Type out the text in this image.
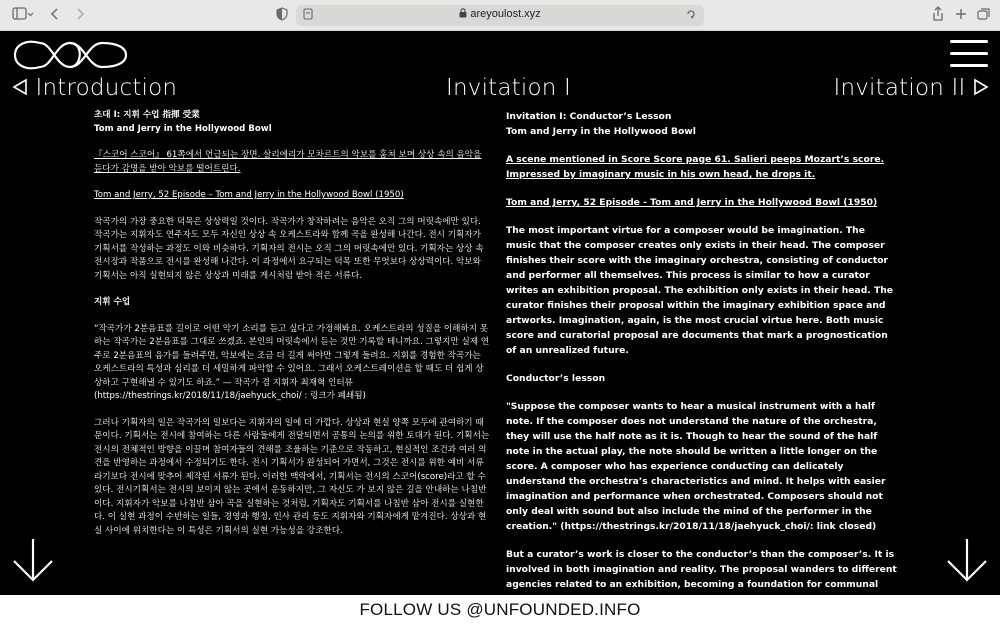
areyoulost.xyz
Introduction	Invitation I	Invitation II
초대 I: 지휘 수업 指揮 受業
Tom and Jerry in the Hollywood Bowl

『스코어 스코어』 61쪽에서 언급되는 장면. 살리에리가 모차르트의 악보를 훔쳐 보며 상상 속의 음악을 듣다가 감명을 받아 악보를 떨어트린다.

Tom and Jerry, 52 Episode – Tom and Jerry in the Hollywood Bowl (1950)

작곡가의 가장 중요한 덕목은 상상력일 것이다. 작곡가가 창작하려는 음악은 오직 그의 머릿속에만 있다. 작곡가는 지휘자도 연주자도 모두 자신인 상상 속 오케스트라와 함께 곡을 완성해 나간다. 전시 기획자가 기획서를 작성하는 과정도 이와 비슷하다. 기획자의 전시는 오직 그의 머릿속에만 있다. 기획자는 상상 속 전시장과 작품으로 전시를 완성해 나간다. 이 과정에서 요구되는 덕목 또한 무엇보다 상상력이다. 악보와 기획서는 아직 실현되지 않은 상상과 미래를 게시처럼 받아 적은 서류다.

지휘 수업

“작곡가가 2분음표를 길이로 어떤 악기 소리를 듣고 싶다고 가정해봐요. 오케스트라의 성질을 이해하지 못하는 작곡가는 2분음표를 그대로 쓰겠죠. 본인의 머릿속에서 듣는 것만 기록할 테니까요. 그렇지만 실제 연주로 2분음표의 음가를 들려주면, 악보에는 조금 더 길게 써야만 그렇게 들려요. 지휘를 경험한 작곡가는 오케스트라의 특성과 심리를 더 세밀하게 파악할 수 있어요. 그래서 오케스트레이션을 할 때도 더 쉽게 상상하고 구현해낼 수 있기도 하죠.” — 작곡가 겸 지휘자 최재혁 인터뷰 (https://thestrings.kr/2018/11/18/jaehyuck_choi/ : 링크가 폐쇄됨)

그러나 기획자의 일은 작곡가의 일보다는 지휘자의 일에 더 가깝다. 상상과 현실 양쪽 모두에 관여하기 때문이다. 기획서는 전시에 참여하는 다른 사람들에게 전달되면서 공통의 논의를 위한 토대가 된다. 기획서는 전시의 전체적인 방향을 이끌며 참여자들의 견해를 조율하는 기준으로 작동하고, 현실적인 조건과 여러 의견을 반영하는 과정에서 수정되기도 한다. 전시 기획서가 완성되어 가면서, 그것은 전시를 위한 예비 서류라기보다 전시에 맞추어 제작된 서류가 된다. 이러한 맥락에서, 기획서는 전시의 스코어(score)라고 할 수 있다. 전시기획서는 전시의 보이지 않는 곳에서 운동하지만, 그 자신도 가 보지 않은 길을 안내하는 나침반이다. 지휘자가 악보를 나침반 삼아 곡을 실현하는 것처럼, 기획자도 기획서를 나침반 삼아 전시를 실현한다. 이 실현 과정이 수반하는 일들, 경영과 행정, 인사 관리 등도 지휘자와 기획자에게 맡겨진다. 상상과 현실 사이에 위치한다는 이 특성은 기획서의 실현 가능성을 강조한다.

Invitation I: Conductor’s Lesson
Tom and Jerry in the Hollywood Bowl

A scene mentioned in Score Score page 61. Salieri peeps Mozart’s score. Impressed by imaginary music in his own head, he drops it.

Tom and Jerry, 52 Episode - Tom and Jerry in the Hollywood Bowl (1950)

The most important virtue for a composer would be imagination. The music that the composer creates only exists in their head. The composer finishes their score with the imaginary orchestra, consisting of conductor and performer all themselves. This process is similar to how a curator writes an exhibition proposal. The exhibition only exists in their head. The curator finishes their proposal within the imaginary exhibition space and artworks. Imagination, again, is the most crucial virtue here. Both music score and curatorial proposal are documents that mark a prognostication of an unrealized future.

Conductor’s lesson

"Suppose the composer wants to hear a musical instrument with a half note. If the composer does not understand the nature of the orchestra, they will use the half note as it is. Though to hear the sound of the half note in the actual play, the note should be written a little longer on the score. A composer who has experience conducting can delicately understand the orchestra’s characteristics and mind. It helps with easier imagination and performance when orchestrated. Composers should not only deal with sound but also include the mind of the performer in the creation." (https://thestrings.kr/2018/11/18/jaehyuck_choi/: link closed)

But a curator’s work is closer to the conductor’s than the composer’s. It is involved in both imagination and reality. The proposal wanders to different agencies related to an exhibition, becoming a foundation for communal

FOLLOW US @UNFOUNDED.INFO
